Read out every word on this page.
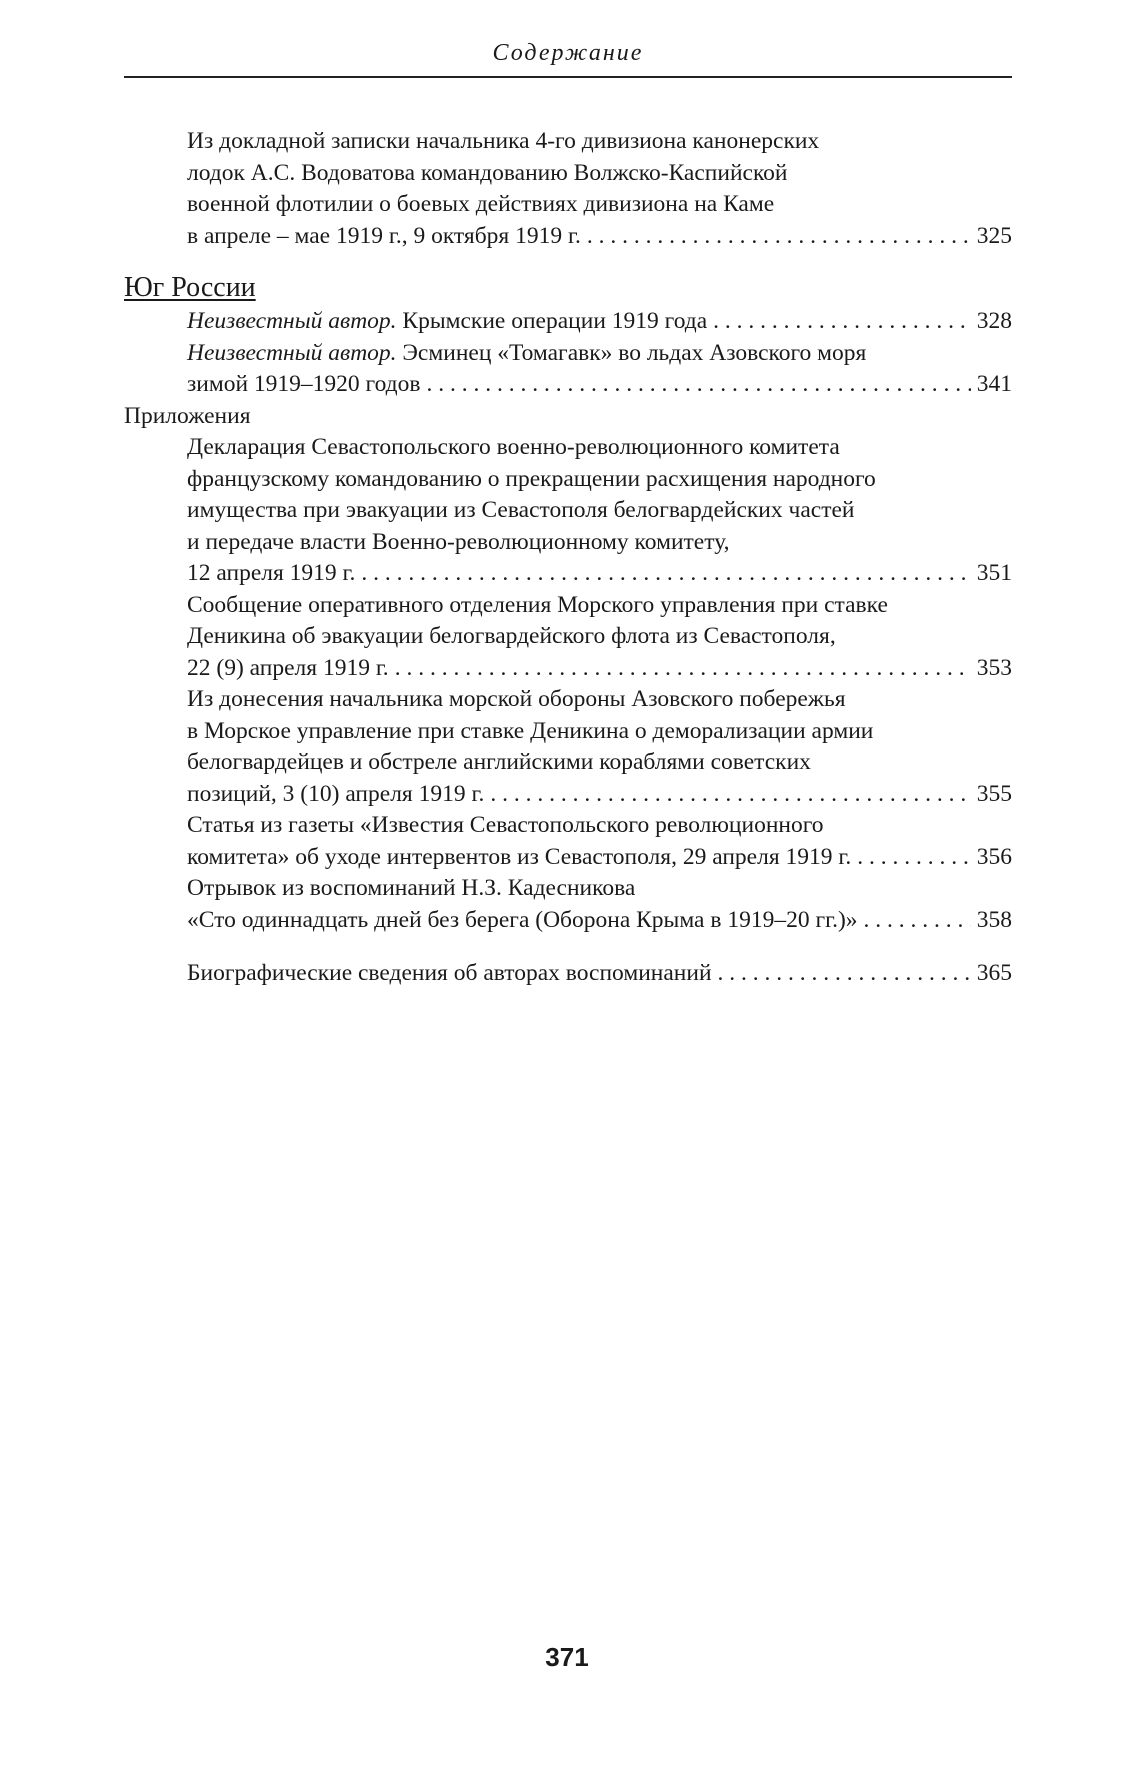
Содержание
Из докладной записки начальника 4-го дивизиона канонерских
лодок А.С. Водоватова командованию Волжско-Каспийской
военной флотилии о боевых действиях дивизиона на Каме
в апреле – мае 1919 г., 9 октября 1919 г. . . .	325
Юг России
Неизвестный автор. Крымские операции 1919 года . . .	328
Неизвестный автор. Эсминец «Томагавк» во льдах Азовского моря
зимой 1919–1920 годов . . .	341
Приложения
Декларация Севастопольского военно-революционного комитета
французскому командованию о прекращении расхищения народного
имущества при эвакуации из Севастополя белогвардейских частей
и передаче власти Военно-революционному комитету,
12 апреля 1919 г. . . .	351
Сообщение оперативного отделения Морского управления при ставке
Деникина об эвакуации белогвардейского флота из Севастополя,
22 (9) апреля 1919 г. . . .	353
Из донесения начальника морской обороны Азовского побережья
в Морское управление при ставке Деникина о деморализации армии
белогвардейцев и обстреле английскими кораблями советских
позиций, 3 (10) апреля 1919 г. . . .	355
Статья из газеты «Известия Севастопольского революционного
комитета» об уходе интервентов из Севастополя, 29 апреля 1919 г. . . .	356
Отрывок из воспоминаний Н.З. Кадесникова
«Сто одиннадцать дней без берега (Оборона Крыма в 1919–20 гг.)» . . .	358
Биографические сведения об авторах воспоминаний . . .	365
371
